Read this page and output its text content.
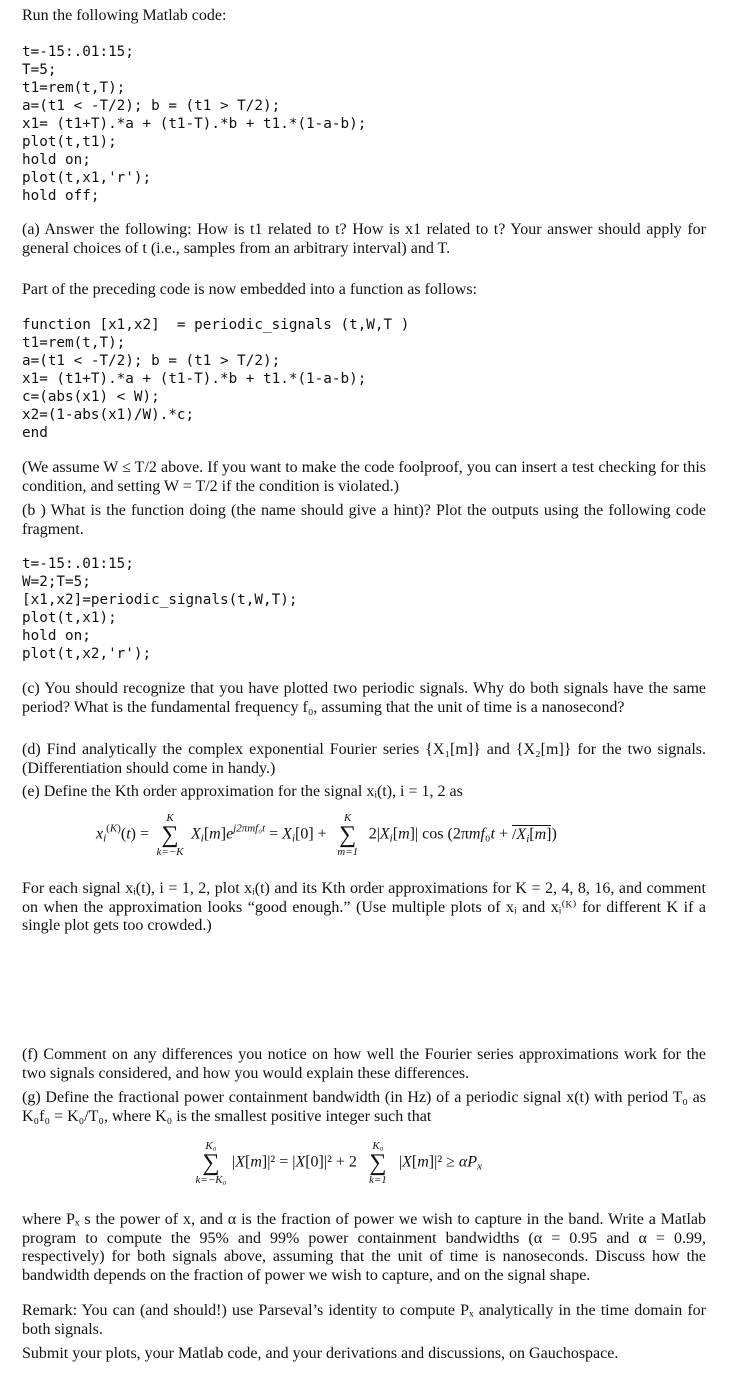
Run the following Matlab code:
t=-15:.01:15;
T=5;
t1=rem(t,T);
a=(t1 < -T/2); b = (t1 > T/2);
x1= (t1+T).*a + (t1-T).*b + t1.*(1-a-b);
plot(t,t1);
hold on;
plot(t,x1,'r');
hold off;
(a) Answer the following: How is t1 related to t? How is x1 related to t? Your answer should apply for general choices of t (i.e., samples from an arbitrary interval) and T.
Part of the preceding code is now embedded into a function as follows:
function [x1,x2]  = periodic_signals (t,W,T )
t1=rem(t,T);
a=(t1 < -T/2); b = (t1 > T/2);
x1= (t1+T).*a + (t1-T).*b + t1.*(1-a-b);
c=(abs(x1) < W);
x2=(1-abs(x1)/W).*c;
end
(We assume W ≤ T/2 above. If you want to make the code foolproof, you can insert a test checking for this condition, and setting W = T/2 if the condition is violated.)
(b ) What is the function doing (the name should give a hint)? Plot the outputs using the following code fragment.
t=-15:.01:15;
W=2;T=5;
[x1,x2]=periodic_signals(t,W,T);
plot(t,x1);
hold on;
plot(t,x2,'r');
(c) You should recognize that you have plotted two periodic signals. Why do both signals have the same period? What is the fundamental frequency f₀, assuming that the unit of time is a nanosecond?
(d) Find analytically the complex exponential Fourier series {X₁[m]} and {X₂[m]} for the two signals. (Differentiation should come in handy.)
(e) Define the Kth order approximation for the signal xᵢ(t), i = 1, 2 as
$x_i^{(K)}(t)$ =
K
∑
k=−K
$X_i[m]e^{j2\pi mf_0t} = X_i[0]$ +
K
∑
m=1
$2|X_i[m]|$ $\cos (2\pi mf_0t + /X_i[m])$
For each signal xᵢ(t), i = 1, 2, plot xᵢ(t) and its Kth order approximations for K = 2, 4, 8, 16, and comment on when the approximation looks “good enough.” (Use multiple plots of xᵢ and xᵢ⁽ᴷ⁾ for different K if a single plot gets too crowded.)
(f) Comment on any differences you notice on how well the Fourier series approximations work for the two signals considered, and how you would explain these differences.
(g) Define the fractional power containment bandwidth (in Hz) of a periodic signal x(t) with period T₀ as K₀f₀ = K₀/T₀, where K₀ is the smallest positive integer such that
K₀
∑
k=−K₀
|X[m]|² = |X[0]|² + 2
K₀
∑
k=1
$|X[m]|^2 \ge \alpha P_x$
where Pₓ s the power of x, and α is the fraction of power we wish to capture in the band. Write a Matlab program to compute the 95% and 99% power containment bandwidths (α = 0.95 and α = 0.99, respectively) for both signals above, assuming that the unit of time is nanoseconds. Discuss how the bandwidth depends on the fraction of power we wish to capture, and on the signal shape.
Remark: You can (and should!) use Parseval’s identity to compute Pₓ analytically in the time domain for both signals.
Submit your plots, your Matlab code, and your derivations and discussions, on Gauchospace.
